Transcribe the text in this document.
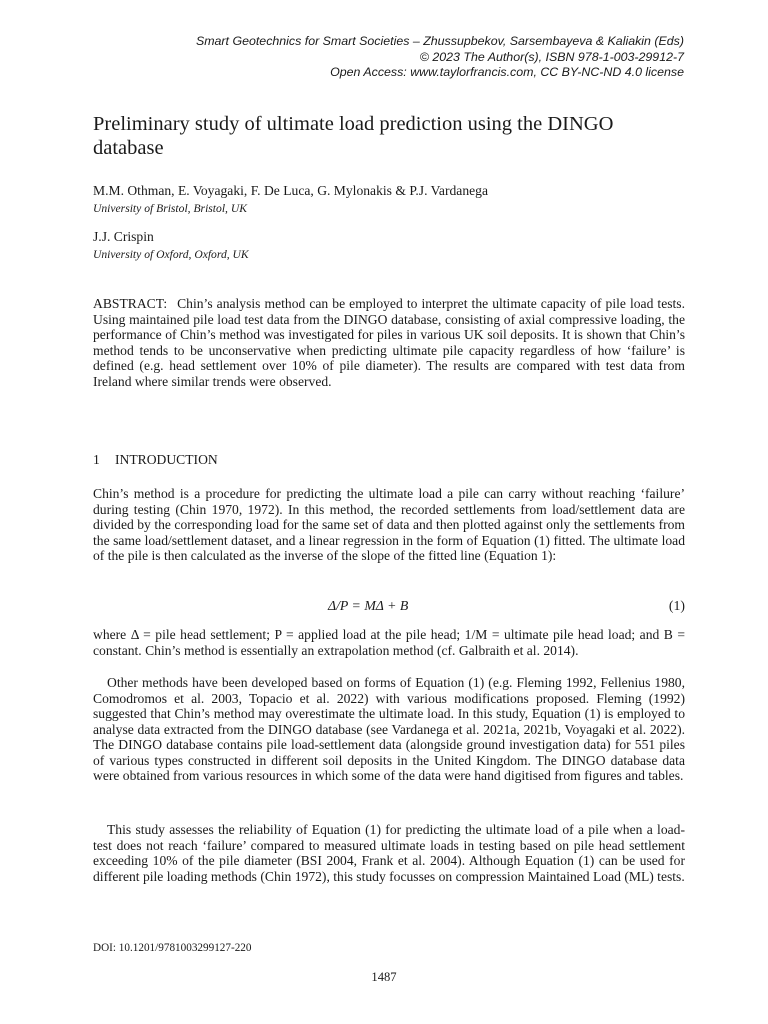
Smart Geotechnics for Smart Societies – Zhussupbekov, Sarsembayeva & Kaliakin (Eds)
© 2023 The Author(s), ISBN 978-1-003-29912-7
Open Access: www.taylorfrancis.com, CC BY-NC-ND 4.0 license
Preliminary study of ultimate load prediction using the DINGO database
M.M. Othman, E. Voyagaki, F. De Luca, G. Mylonakis & P.J. Vardanega
University of Bristol, Bristol, UK
J.J. Crispin
University of Oxford, Oxford, UK

ABSTRACT: Chin’s analysis method can be employed to interpret the ultimate capacity of pile load tests. Using maintained pile load test data from the DINGO database, consisting of axial compressive loading, the performance of Chin’s method was investigated for piles in various UK soil deposits. It is shown that Chin’s method tends to be unconservative when predicting ultimate pile capacity regardless of how ‘failure’ is defined (e.g. head settlement over 10% of pile diameter). The results are compared with test data from Ireland where similar trends were observed.

1 INTRODUCTION

Chin’s method is a procedure for predicting the ultimate load a pile can carry without reaching ‘failure’ during testing (Chin 1970, 1972). In this method, the recorded settlements from load/settlement data are divided by the corresponding load for the same set of data and then plotted against only the settlements from the same load/settlement dataset, and a linear regression in the form of Equation (1) fitted. The ultimate load of the pile is then calculated as the inverse of the slope of the fitted line (Equation 1):

Δ/P = MΔ + B	(1)

where Δ = pile head settlement; P = applied load at the pile head; 1/M = ultimate pile head load; and B = constant. Chin’s method is essentially an extrapolation method (cf. Galbraith et al. 2014).

Other methods have been developed based on forms of Equation (1) (e.g. Fleming 1992, Fellenius 1980, Comodromos et al. 2003, Topacio et al. 2022) with various modifications proposed. Fleming (1992) suggested that Chin’s method may overestimate the ultimate load. In this study, Equation (1) is employed to analyse data extracted from the DINGO database (see Vardanega et al. 2021a, 2021b, Voyagaki et al. 2022). The DINGO database contains pile load-settlement data (alongside ground investigation data) for 551 piles of various types constructed in different soil deposits in the United Kingdom. The DINGO database data were obtained from various resources in which some of the data were hand digitised from figures and tables.

This study assesses the reliability of Equation (1) for predicting the ultimate load of a pile when a load-test does not reach ‘failure’ compared to measured ultimate loads in testing based on pile head settlement exceeding 10% of the pile diameter (BSI 2004, Frank et al. 2004). Although Equation (1) can be used for different pile loading methods (Chin 1972), this study focusses on compression Maintained Load (ML) tests.

DOI: 10.1201/9781003299127-220
1487
